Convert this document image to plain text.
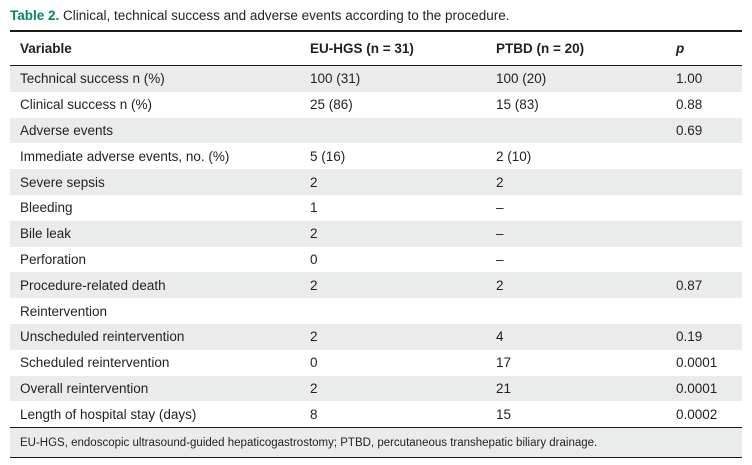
Table 2. Clinical, technical success and adverse events according to the procedure.
Variable	EU-HGS (n = 31)	PTBD (n = 20)	p
Technical success n (%)	100 (31)	100 (20)	1.00
Clinical success n (%)	25 (86)	15 (83)	0.88
Adverse events			0.69
Immediate adverse events, no. (%)	5 (16)	2 (10)	
Severe sepsis	2	2	
Bleeding	1	–	
Bile leak	2	–	
Perforation	0	–	
Procedure-related death	2	2	0.87
Reintervention			
Unscheduled reintervention	2	4	0.19
Scheduled reintervention	0	17	0.0001
Overall reintervention	2	21	0.0001
Length of hospital stay (days)	8	15	0.0002
EU-HGS, endoscopic ultrasound-guided hepaticogastrostomy; PTBD, percutaneous transhepatic biliary drainage.			
